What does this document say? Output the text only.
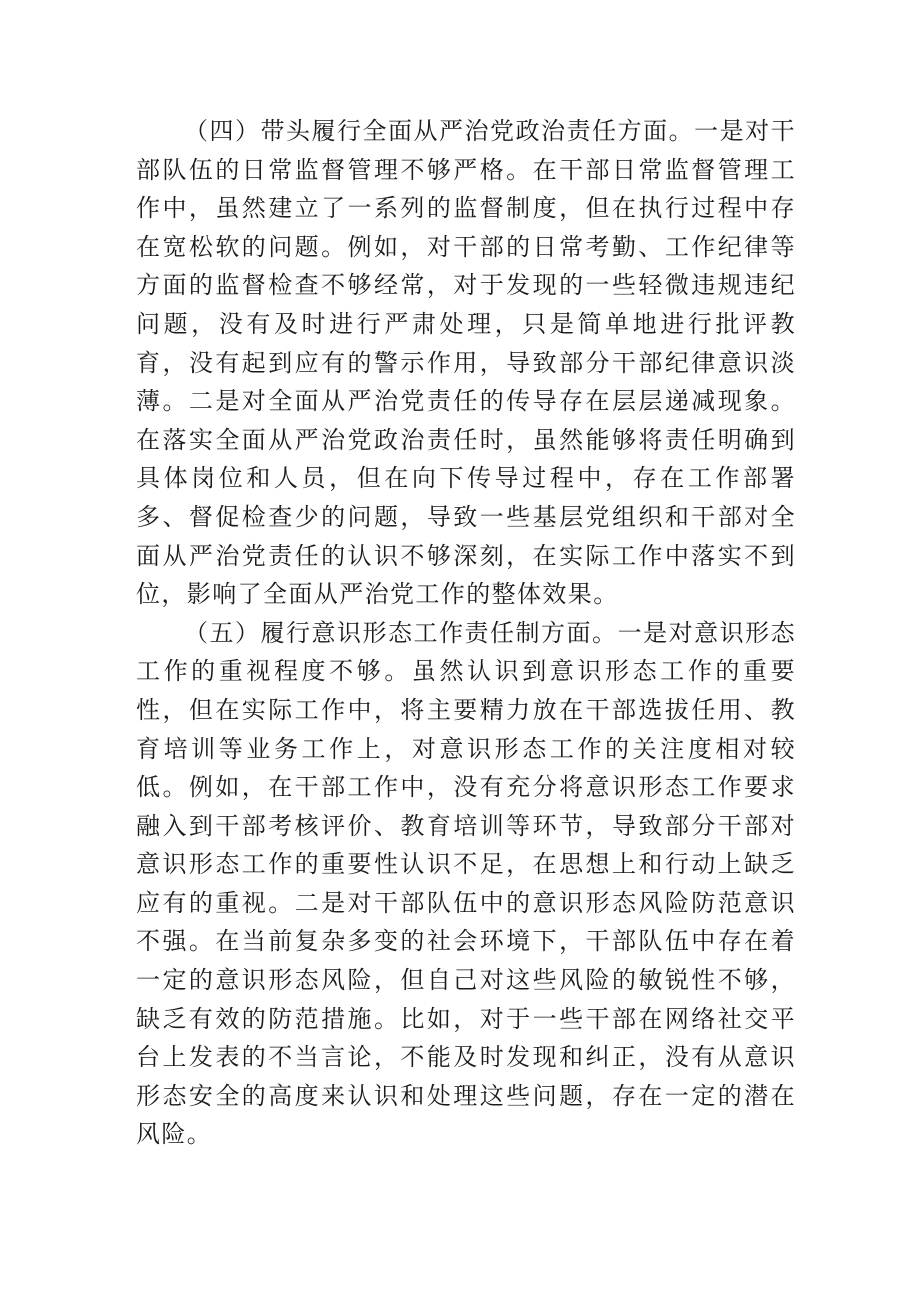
（四）带头履行全面从严治党政治责任方面。一是对干部队伍的日常监督管理不够严格。在干部日常监督管理工作中，虽然建立了一系列的监督制度，但在执行过程中存在宽松软的问题。例如，对干部的日常考勤、工作纪律等方面的监督检查不够经常，对于发现的一些轻微违规违纪问题，没有及时进行严肃处理，只是简单地进行批评教育，没有起到应有的警示作用，导致部分干部纪律意识淡薄。二是对全面从严治党责任的传导存在层层递减现象。在落实全面从严治党政治责任时，虽然能够将责任明确到具体岗位和人员，但在向下传导过程中，存在工作部署多、督促检查少的问题，导致一些基层党组织和干部对全面从严治党责任的认识不够深刻，在实际工作中落实不到位，影响了全面从严治党工作的整体效果。

（五）履行意识形态工作责任制方面。一是对意识形态工作的重视程度不够。虽然认识到意识形态工作的重要性，但在实际工作中，将主要精力放在干部选拔任用、教育培训等业务工作上，对意识形态工作的关注度相对较低。例如，在干部工作中，没有充分将意识形态工作要求融入到干部考核评价、教育培训等环节，导致部分干部对意识形态工作的重要性认识不足，在思想上和行动上缺乏应有的重视。二是对干部队伍中的意识形态风险防范意识不强。在当前复杂多变的社会环境下，干部队伍中存在着一定的意识形态风险，但自己对这些风险的敏锐性不够，缺乏有效的防范措施。比如，对于一些干部在网络社交平台上发表的不当言论，不能及时发现和纠正，没有从意识形态安全的高度来认识和处理这些问题，存在一定的潜在风险。
